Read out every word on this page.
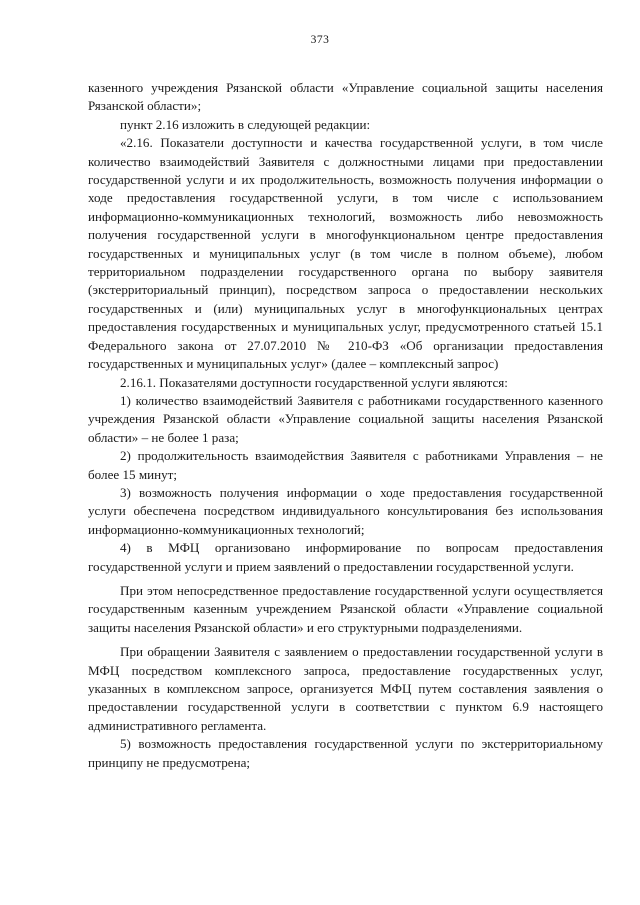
373

казенного учреждения Рязанской области «Управление социальной защиты населения Рязанской области»;

пункт 2.16 изложить в следующей редакции:

«2.16. Показатели доступности и качества государственной услуги, в том числе количество взаимодействий Заявителя с должностными лицами при предоставлении государственной услуги и их продолжительность, возможность получения информации о ходе предоставления государственной услуги, в том числе с использованием информационно-коммуникационных технологий, возможность либо невозможность получения государственной услуги в многофункциональном центре предоставления государственных и муниципальных услуг (в том числе в полном объеме), любом территориальном подразделении государственного органа по выбору заявителя (экстерриториальный принцип), посредством запроса о предоставлении нескольких государственных и (или) муниципальных услуг в многофункциональных центрах предоставления государственных и муниципальных услуг, предусмотренного статьей 15.1 Федерального закона от 27.07.2010 № 210-ФЗ «Об организации предоставления государственных и муниципальных услуг» (далее – комплексный запрос)

2.16.1. Показателями доступности государственной услуги являются:

1) количество взаимодействий Заявителя с работниками государственного казенного учреждения Рязанской области «Управление социальной защиты населения Рязанской области» – не более 1 раза;

2) продолжительность взаимодействия Заявителя с работниками Управления – не более 15 минут;

3) возможность получения информации о ходе предоставления государственной услуги обеспечена посредством индивидуального консультирования без использования информационно-коммуникационных технологий;

4) в МФЦ организовано информирование по вопросам предоставления государственной услуги и прием заявлений о предоставлении государственной услуги.

При этом непосредственное предоставление государственной услуги осуществляется государственным казенным учреждением Рязанской области «Управление социальной защиты населения Рязанской области» и его структурными подразделениями.

При обращении Заявителя с заявлением о предоставлении государственной услуги в МФЦ посредством комплексного запроса, предоставление государственных услуг, указанных в комплексном запросе, организуется МФЦ путем составления заявления о предоставлении государственной услуги в соответствии с пунктом 6.9 настоящего административного регламента.

5) возможность предоставления государственной услуги по экстерриториальному принципу не предусмотрена;
